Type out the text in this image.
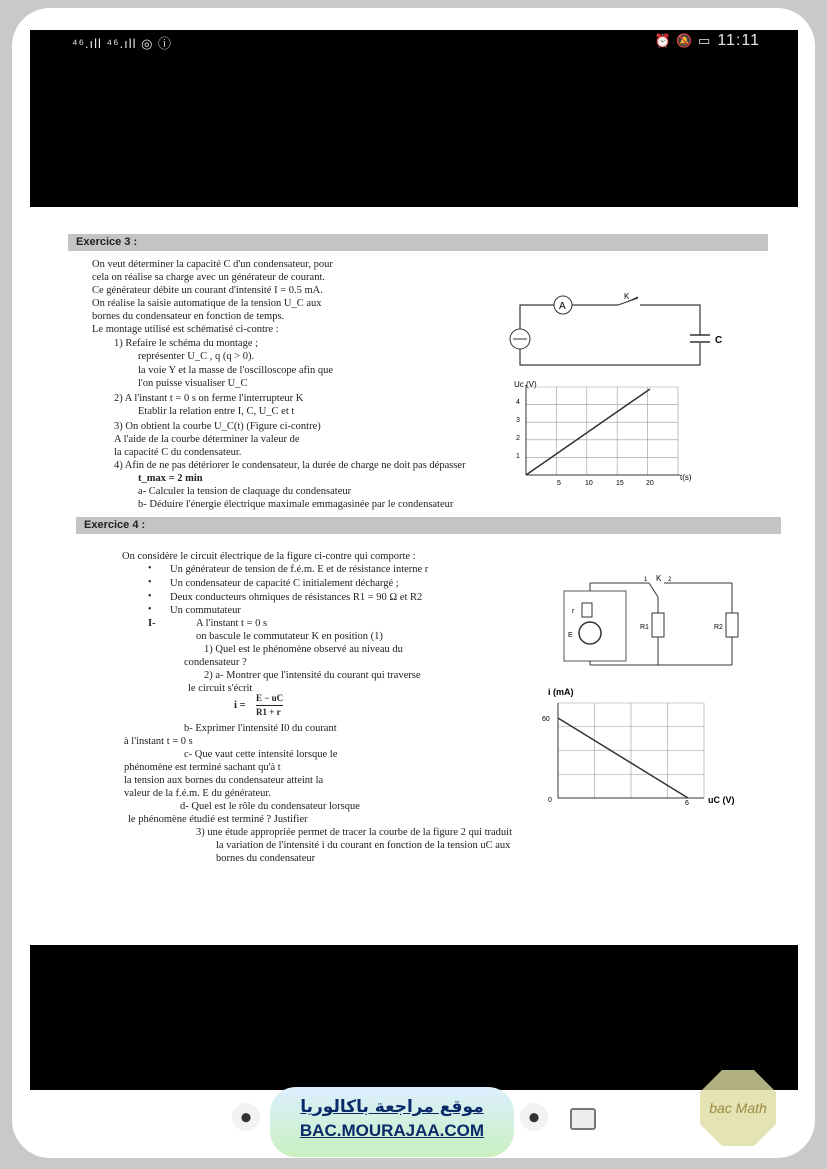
⁴⁶.ıll ⁴⁶.ıll ◎ ⓘ	⏰ 🔕 ▭ 11:11
Exercice 3 :
On veut déterminer la capacité C d'un condensateur, pour
cela on réalise sa charge avec un générateur de courant.
Ce générateur débite un courant d'intensité I = 0.5 mA.
On réalise la saisie automatique de la tension U_C aux
bornes du condensateur en fonction de temps.
Le montage utilisé est schématisé ci-contre :
1) Refaire le schéma du montage ;
représenter U_C , q (q > 0).
la voie Y et la masse de l'oscilloscope afin que
l'on puisse visualiser U_C
2) A l'instant t = 0 s on ferme l'interrupteur K
Etablir la relation entre I, C, U_C et t
3) On obtient la courbe U_C(t) (Figure ci-contre)
A l'aide de la courbe déterminer la valeur de
la capacité C du condensateur.
4) Afin de ne pas détériorer le condensateur, la durée de charge ne doit pas dépasser
t_max = 2 min
a- Calculer la tension de claquage du condensateur
b- Déduire l'énergie électrique maximale emmagasinée par le condensateur
A
K
C
Uc (V)
t(s)
5	10	15	20
1
2
3
4
Exercice 4 :
On considère le circuit électrique de la figure ci-contre qui comporte :
• Un générateur de tension de f.é.m. E et de résistance interne r
• Un condensateur de capacité C initialement déchargé ;
• Deux conducteurs ohmiques de résistances R1 = 90 Ω et R2
• Un commutateur
I-	A l'instant t = 0 s
on bascule le commutateur K en position (1)
1) Quel est le phénomène observé au niveau du
condensateur ?
2) a- Montrer que l'intensité du courant qui traverse
le circuit s'écrit
i =
E − uC
R1 + r
b- Exprimer l'intensité I0 du courant
à l'instant t = 0 s
c- Que vaut cette intensité lorsque le
phénomène est terminé sachant qu'à t
la tension aux bornes du condensateur atteint la
valeur de la f.é.m. E du générateur.
d- Quel est le rôle du condensateur lorsque
le phénomène étudié est terminé ? Justifier
3) une étude appropriée permet de tracer la courbe de la figure 2 qui traduit
la variation de l'intensité i du courant en fonction de la tension uC aux
bornes du condensateur
r
E
K
1	2
R1	R2
i (mA)
uC (V)
60
0	6
⬤	⬤
موقع مراجعة باكالوريا
BAC.MOURAJAA.COM
bac Math
